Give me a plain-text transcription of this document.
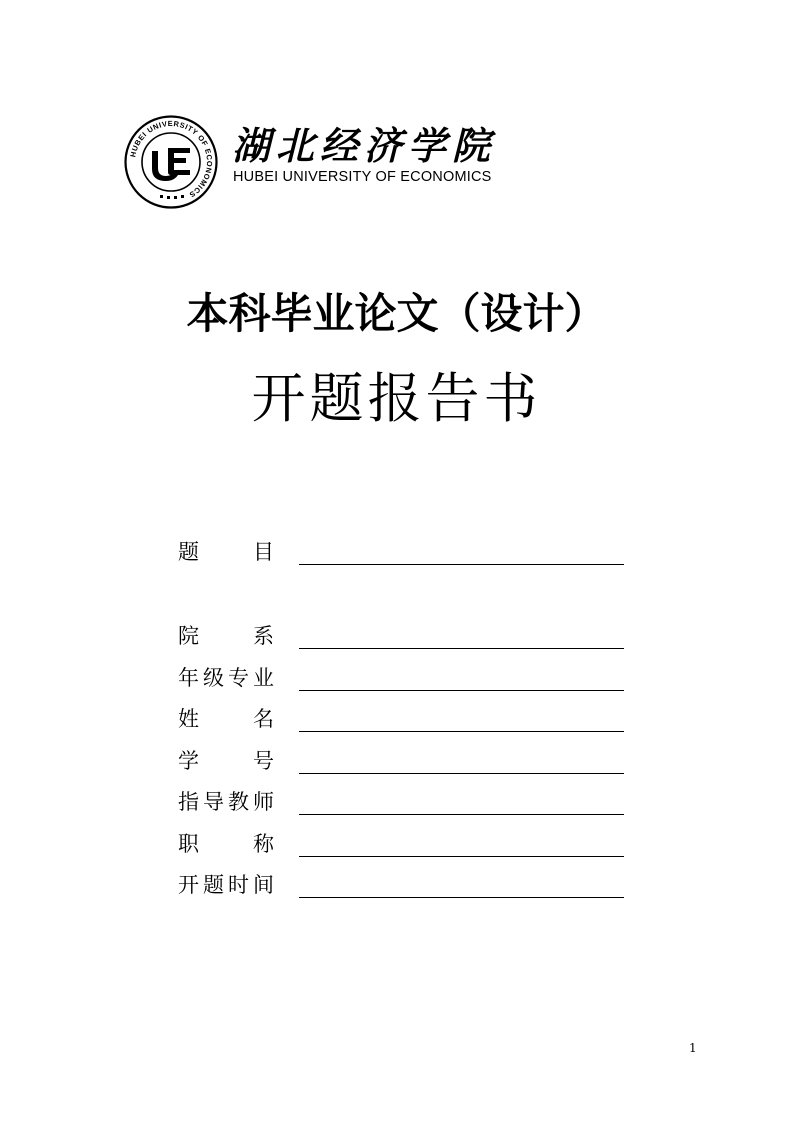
HUBEI UNIVERSITY OF ECONOMICS
湖北经济学院
HUBEI UNIVERSITY OF ECONOMICS
本科毕业论文（设计）
开题报告书
题	目
院	系
年 级 专 业
姓	名
学	号
指 导 教 师
职	称
开 题 时 间
1
